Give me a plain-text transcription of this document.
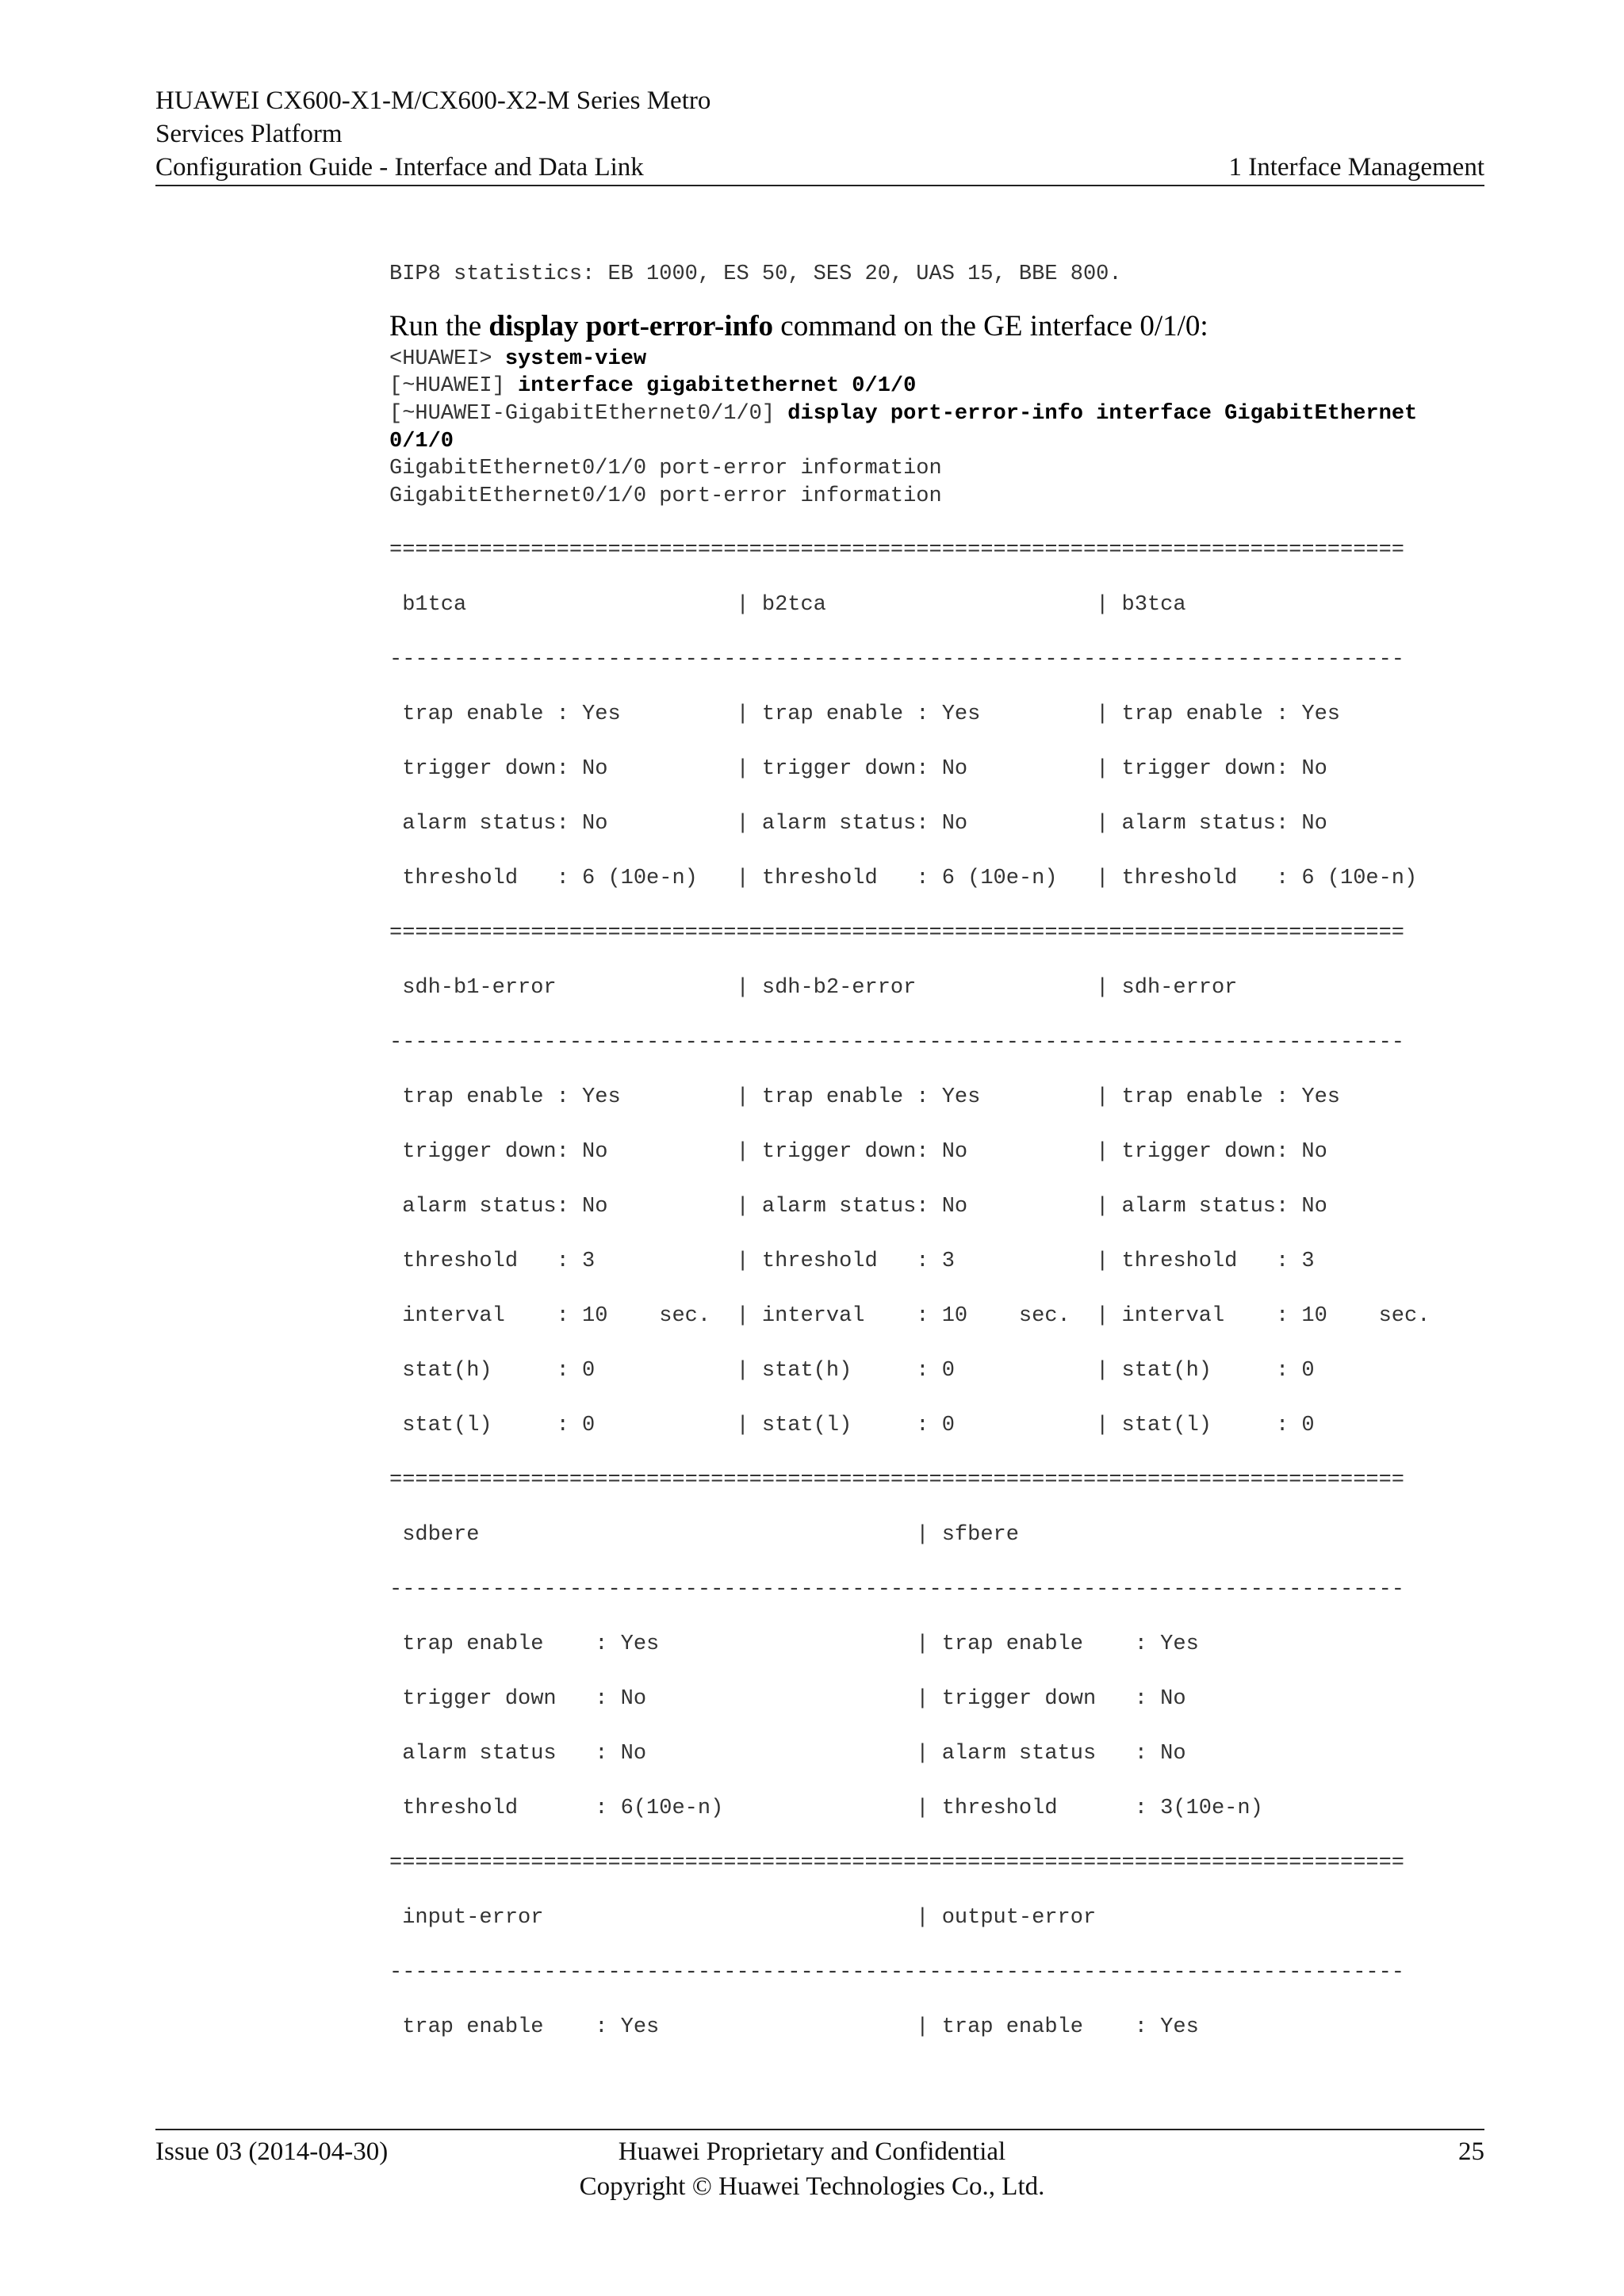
HUAWEI CX600-X1-M/CX600-X2-M Series Metro
Services Platform
Configuration Guide - Interface and Data Link	1 Interface Management
BIP8 statistics: EB 1000, ES 50, SES 20, UAS 15, BBE 800.
Run the display port-error-info command on the GE interface 0/1/0:
<HUAWEI> system-view
[~HUAWEI] interface gigabitethernet 0/1/0
[~HUAWEI-GigabitEthernet0/1/0] display port-error-info interface GigabitEthernet
0/1/0
GigabitEthernet0/1/0 port-error information
GigabitEthernet0/1/0 port-error information
===============================================================================
b1tca                     | b2tca                     | b3tca
-------------------------------------------------------------------------------
trap enable : Yes         | trap enable : Yes         | trap enable : Yes
trigger down: No          | trigger down: No          | trigger down: No
alarm status: No          | alarm status: No          | alarm status: No
threshold   : 6 (10e-n)   | threshold   : 6 (10e-n)   | threshold   : 6 (10e-n)
===============================================================================
sdh-b1-error              | sdh-b2-error              | sdh-error
-------------------------------------------------------------------------------
trap enable : Yes         | trap enable : Yes         | trap enable : Yes
trigger down: No          | trigger down: No          | trigger down: No
alarm status: No          | alarm status: No          | alarm status: No
threshold   : 3           | threshold   : 3           | threshold   : 3
interval    : 10    sec.  | interval    : 10    sec.  | interval    : 10    sec.
stat(h)     : 0           | stat(h)     : 0           | stat(h)     : 0
stat(l)     : 0           | stat(l)     : 0           | stat(l)     : 0
===============================================================================
sdbere                                  | sfbere
-------------------------------------------------------------------------------
trap enable    : Yes                    | trap enable    : Yes
trigger down   : No                     | trigger down   : No
alarm status   : No                     | alarm status   : No
threshold      : 6(10e-n)               | threshold      : 3(10e-n)
===============================================================================
input-error                             | output-error
-------------------------------------------------------------------------------
trap enable    : Yes                    | trap enable    : Yes
Issue 03 (2014-04-30)	Huawei Proprietary and Confidential
Copyright © Huawei Technologies Co., Ltd.
25
